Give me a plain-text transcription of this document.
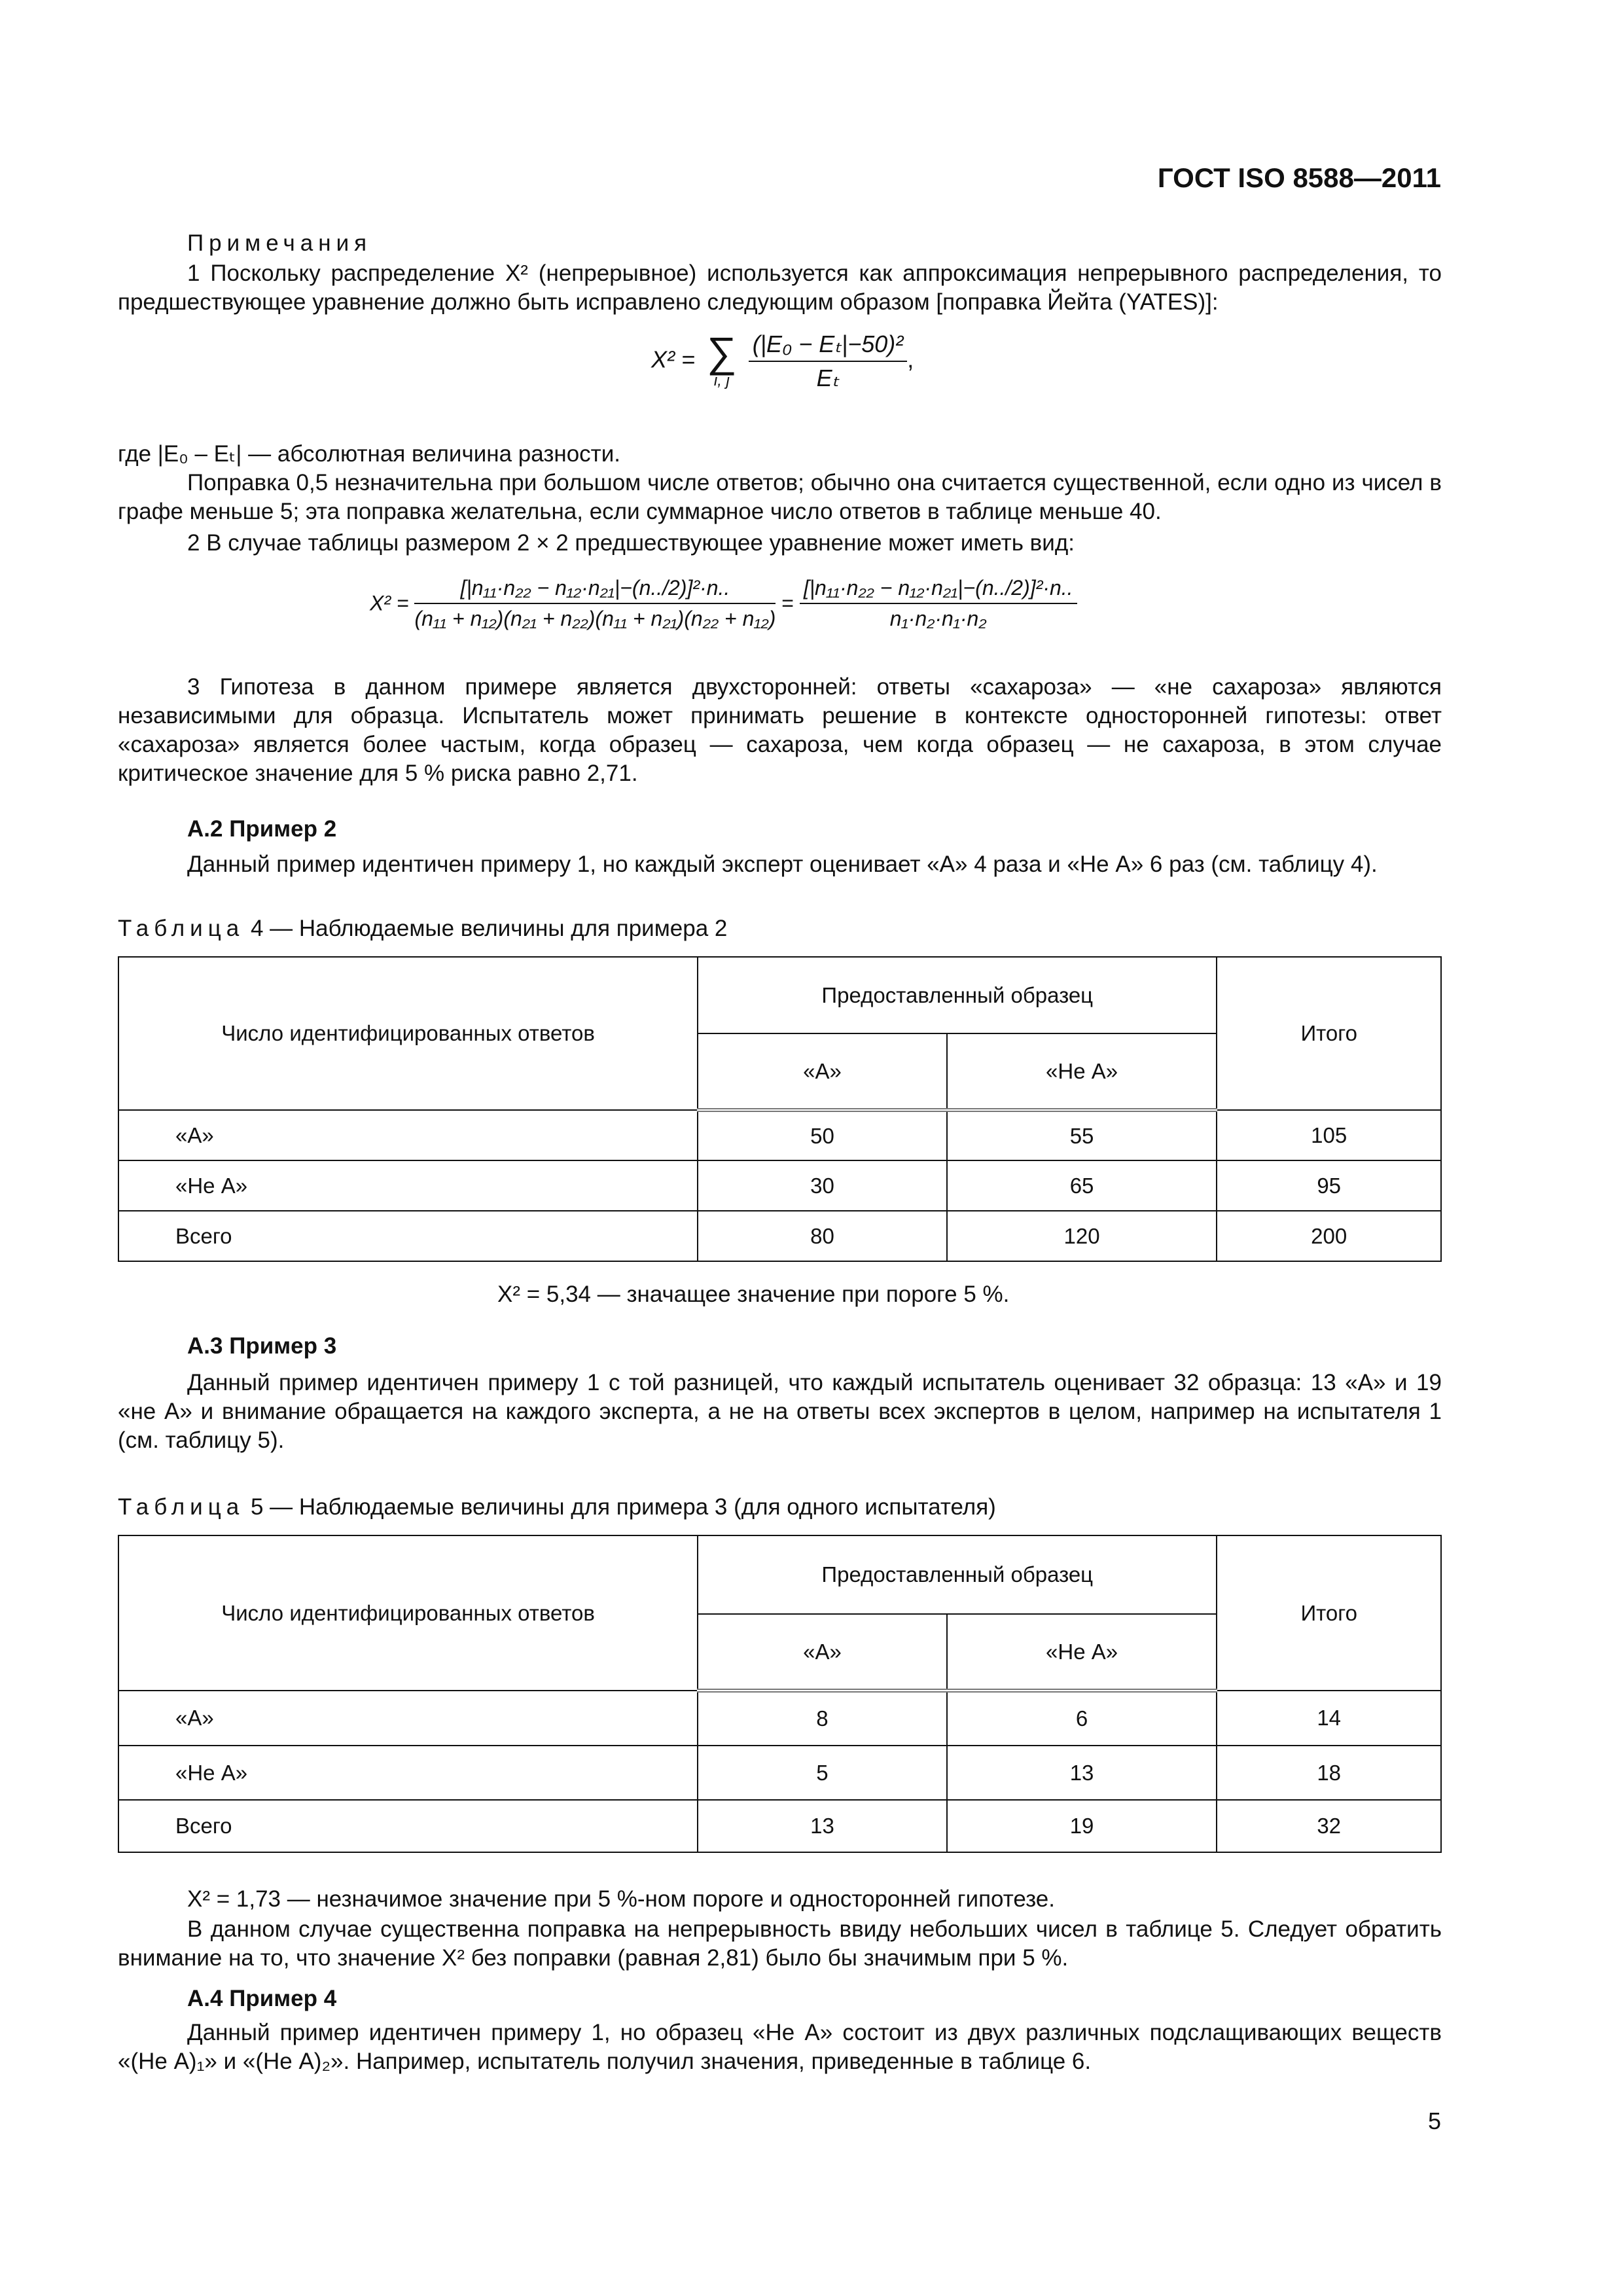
ГОСТ ISO 8588—2011
Примечания
1 Поскольку распределение X² (непрерывное) используется как аппроксимация непрерывного распределения, то предшествующее уравнение должно быть исправлено следующим образом [поправка Йейта (YATES)]:
X² = ∑
i, j
$\frac{\text{(|E₀ − Eₜ|−50)²}}{\text{Eₜ}}$ ,
где |E₀ – Eₜ| — абсолютная величина разности.
Поправка 0,5 незначительна при большом числе ответов; обычно она считается существенной, если одно из чисел в графе меньше 5; эта поправка желательна, если суммарное число ответов в таблице меньше 40.
2 В случае таблицы размером 2 × 2 предшествующее уравнение может иметь вид:
$X^2 = \frac{\text{[|n₁₁·n₂₂ − n₁₂·n₂₁|−(n../2)]²·n..}}{\text{(n₁₁ + n₁₂)(n₂₁ + n₂₂)(n₁₁ + n₂₁)(n₂₂ + n₁₂)}} = \frac{\text{[|n₁₁·n₂₂ − n₁₂·n₂₁|−(n../2)]²·n..}}{\text{n₁·n₂·n₁·n₂}}$
3 Гипотеза в данном примере является двухсторонней: ответы «сахароза» — «не сахароза» являются независимыми для образца. Испытатель может принимать решение в контексте односторонней гипотезы: ответ «сахароза» является более частым, когда образец — сахароза, чем когда образец — не сахароза, в этом случае критическое значение для 5 % риска равно 2,71.
А.2 Пример 2
Данный пример идентичен примеру 1, но каждый эксперт оценивает «А» 4 раза и «Не А» 6 раз (см. таблицу 4).
Таблица 4 — Наблюдаемые величины для примера 2
Число идентифицированных ответов	Предоставленный образец		Итого
	«А»	«Не А»	
«А»	50	55	105
«Не А»	30	65	95
Всего	80	120	200
X² = 5,34 — значащее значение при пороге 5 %.
А.3 Пример 3
Данный пример идентичен примеру 1 с той разницей, что каждый испытатель оценивает 32 образца: 13 «А» и 19 «не А» и внимание обращается на каждого эксперта, а не на ответы всех экспертов в целом, например на испытателя 1 (см. таблицу 5).
Таблица 5 — Наблюдаемые величины для примера 3 (для одного испытателя)
Число идентифицированных ответов	Предоставленный образец		Итого
	«А»	«Не А»	
«А»	8	6	14
«Не А»	5	13	18
Всего	13	19	32
X² = 1,73 — незначимое значение при 5 %-ном пороге и односторонней гипотезе.
В данном случае существенна поправка на непрерывность ввиду небольших чисел в таблице 5. Следует обратить внимание на то, что значение X² без поправки (равная 2,81) было бы значимым при 5 %.
А.4 Пример 4
Данный пример идентичен примеру 1, но образец «Не А» состоит из двух различных подслащивающих веществ «(Не А)₁» и «(Не А)₂». Например, испытатель получил значения, приведенные в таблице 6.
5
